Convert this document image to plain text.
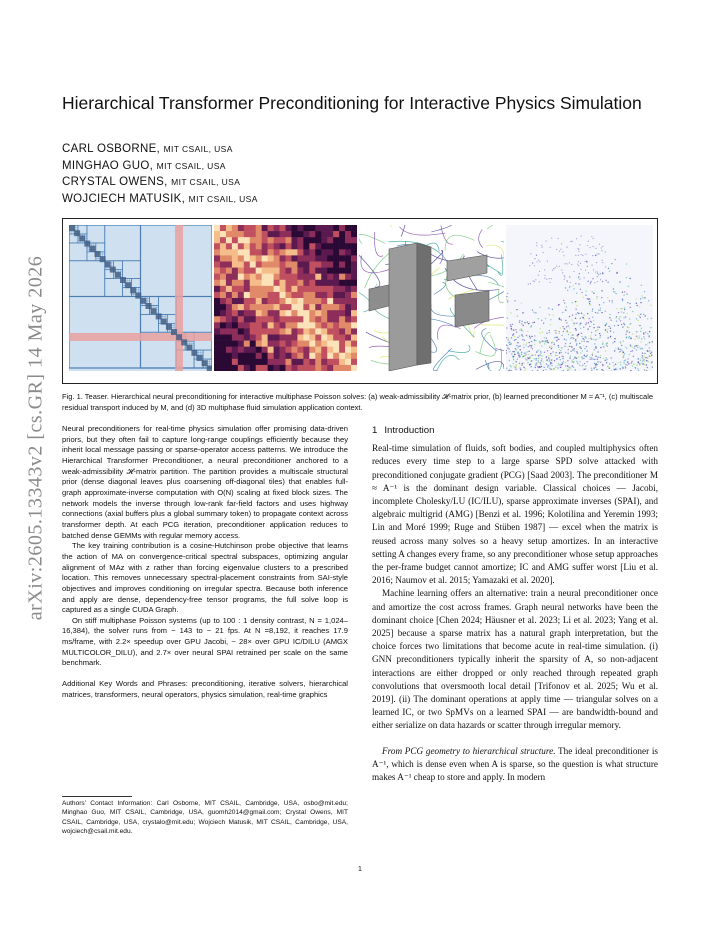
arXiv:2605.13343v2 [cs.GR] 14 May 2026
Hierarchical Transformer Preconditioning for Interactive Physics Simulation
CARL OSBORNE, MIT CSAIL, USA
MINGHAO GUO, MIT CSAIL, USA
CRYSTAL OWENS, MIT CSAIL, USA
WOJCIECH MATUSIK, MIT CSAIL, USA
Fig. 1. Teaser. Hierarchical neural preconditioning for interactive multiphase Poisson solves: (a) weak-admissibility 𝓗-matrix prior, (b) learned preconditioner M ≈ A⁻¹, (c) multiscale residual transport induced by M, and (d) 3D multiphase fluid simulation application context.

Neural preconditioners for real-time physics simulation offer promising data-driven priors, but they often fail to capture long-range couplings efficiently because they inherit local message passing or sparse-operator access patterns. We introduce the Hierarchical Transformer Preconditioner, a neural preconditioner anchored to a weak-admissibility 𝓗-matrix partition. The partition provides a multiscale structural prior (dense diagonal leaves plus coarsening off-diagonal tiles) that enables full-graph approximate-inverse computation with O(N) scaling at fixed block sizes. The network models the inverse through low-rank far-field factors and uses highway connections (axial buffers plus a global summary token) to propagate context across transformer depth. At each PCG iteration, preconditioner application reduces to batched dense GEMMs with regular memory access.

The key training contribution is a cosine-Hutchinson probe objective that learns the action of MA on convergence-critical spectral subspaces, optimizing angular alignment of MAz with z rather than forcing eigenvalue clusters to a prescribed location. This removes unnecessary spectral-placement constraints from SAI-style objectives and improves conditioning on irregular spectra. Because both inference and apply are dense, dependency-free tensor programs, the full solve loop is captured as a single CUDA Graph.

On stiff multiphase Poisson systems (up to 100 : 1 density contrast, N = 1,024–16,384), the solver runs from ~ 143 to ~ 21 fps. At N =8,192, it reaches 17.9 ms/frame, with 2.2× speedup over GPU Jacobi, ~ 28× over GPU IC/DILU (AMGX MULTICOLOR_DILU), and 2.7× over neural SPAI retrained per scale on the same benchmark.

Additional Key Words and Phrases: preconditioning, iterative solvers, hierarchical matrices, transformers, neural operators, physics simulation, real-time graphics

Authors’ Contact Information: Carl Osborne, MIT CSAIL, Cambridge, USA, osbo@mit.edu; Minghao Guo, MIT CSAIL, Cambridge, USA, guomh2014@gmail.com; Crystal Owens, MIT CSAIL, Cambridge, USA, crystalo@mit.edu; Wojciech Matusik, MIT CSAIL, Cambridge, USA, wojciech@csail.mit.edu.
1 Introduction

Real-time simulation of fluids, soft bodies, and coupled multiphysics often reduces every time step to a large sparse SPD solve attacked with preconditioned conjugate gradient (PCG) [Saad 2003]. The preconditioner M ≈ A⁻¹ is the dominant design variable. Classical choices — Jacobi, incomplete Cholesky/LU (IC/ILU), sparse approximate inverses (SPAI), and algebraic multigrid (AMG) [Benzi et al. 1996; Kolotilina and Yeremin 1993; Lin and Moré 1999; Ruge and Stüben 1987] — excel when the matrix is reused across many solves so a heavy setup amortizes. In an interactive setting A changes every frame, so any preconditioner whose setup approaches the per-frame budget cannot amortize; IC and AMG suffer worst [Liu et al. 2016; Naumov et al. 2015; Yamazaki et al. 2020].

Machine learning offers an alternative: train a neural preconditioner once and amortize the cost across frames. Graph neural networks have been the dominant choice [Chen 2024; Häusner et al. 2023; Li et al. 2023; Yang et al. 2025] because a sparse matrix has a natural graph interpretation, but the choice forces two limitations that become acute in real-time simulation. (i) GNN preconditioners typically inherit the sparsity of A, so non-adjacent interactions are either dropped or only reached through repeated graph convolutions that oversmooth local detail [Trifonov et al. 2025; Wu et al. 2019]. (ii) The dominant operations at apply time — triangular solves on a learned IC, or two SpMVs on a learned SPAI — are bandwidth-bound and either serialize on data hazards or scatter through irregular memory.

From PCG geometry to hierarchical structure. The ideal preconditioner is A⁻¹, which is dense even when A is sparse, so the question is what structure makes A⁻¹ cheap to store and apply. In modern

1
